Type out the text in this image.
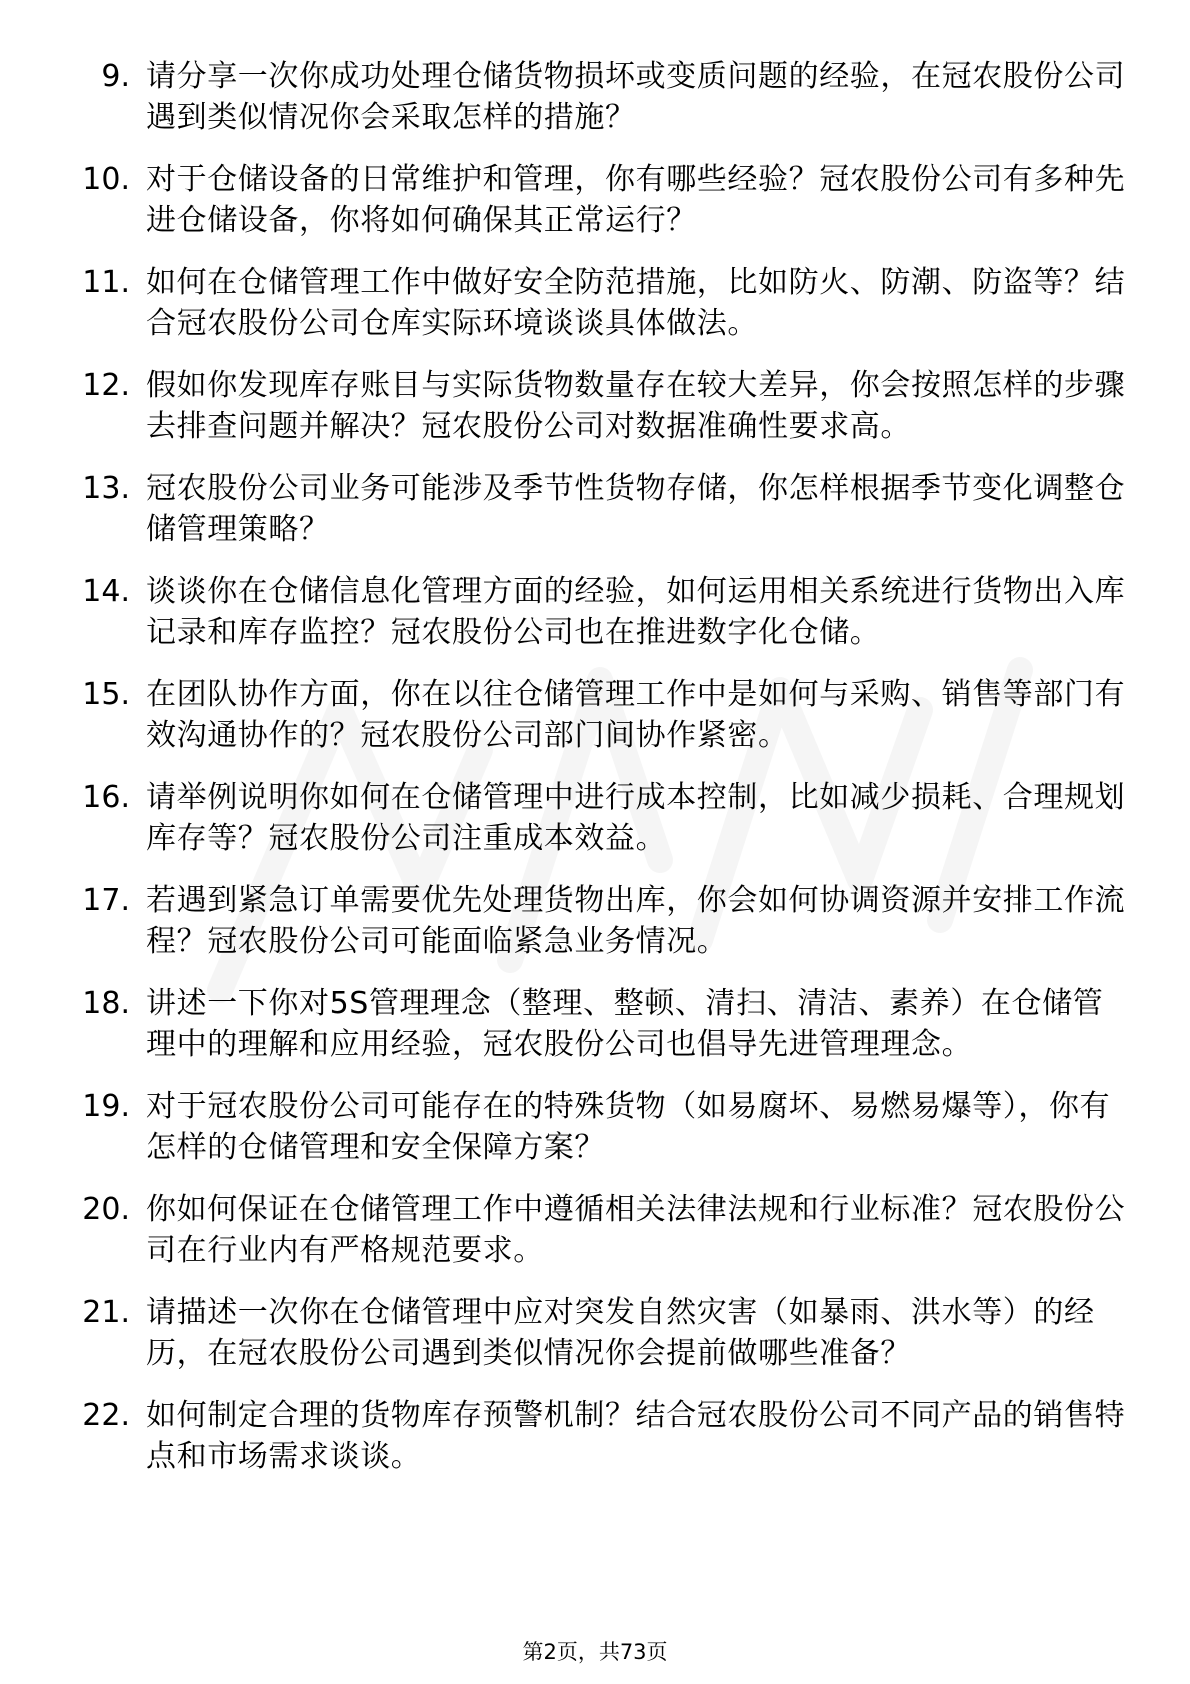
9. 请分享一次你成功处理仓储货物损坏或变质问题的经验，在冠农股份公司遇到类似情况你会采取怎样的措施？
10. 对于仓储设备的日常维护和管理，你有哪些经验？冠农股份公司有多种先进仓储设备，你将如何确保其正常运行？
11. 如何在仓储管理工作中做好安全防范措施，比如防火、防潮、防盗等？结合冠农股份公司仓库实际环境谈谈具体做法。
12. 假如你发现库存账目与实际货物数量存在较大差异，你会按照怎样的步骤去排查问题并解决？冠农股份公司对数据准确性要求高。
13. 冠农股份公司业务可能涉及季节性货物存储，你怎样根据季节变化调整仓储管理策略？
14. 谈谈你在仓储信息化管理方面的经验，如何运用相关系统进行货物出入库记录和库存监控？冠农股份公司也在推进数字化仓储。
15. 在团队协作方面，你在以往仓储管理工作中是如何与采购、销售等部门有效沟通协作的？冠农股份公司部门间协作紧密。
16. 请举例说明你如何在仓储管理中进行成本控制，比如减少损耗、合理规划库存等？冠农股份公司注重成本效益。
17. 若遇到紧急订单需要优先处理货物出库，你会如何协调资源并安排工作流程？冠农股份公司可能面临紧急业务情况。
18. 讲述一下你对5S管理理念（整理、整顿、清扫、清洁、素养）在仓储管理中的理解和应用经验，冠农股份公司也倡导先进管理理念。
19. 对于冠农股份公司可能存在的特殊货物（如易腐坏、易燃易爆等），你有怎样的仓储管理和安全保障方案？
20. 你如何保证在仓储管理工作中遵循相关法律法规和行业标准？冠农股份公司在行业内有严格规范要求。
21. 请描述一次你在仓储管理中应对突发自然灾害（如暴雨、洪水等）的经历，在冠农股份公司遇到类似情况你会提前做哪些准备？
22. 如何制定合理的货物库存预警机制？结合冠农股份公司不同产品的销售特点和市场需求谈谈。
第2页，共73页
